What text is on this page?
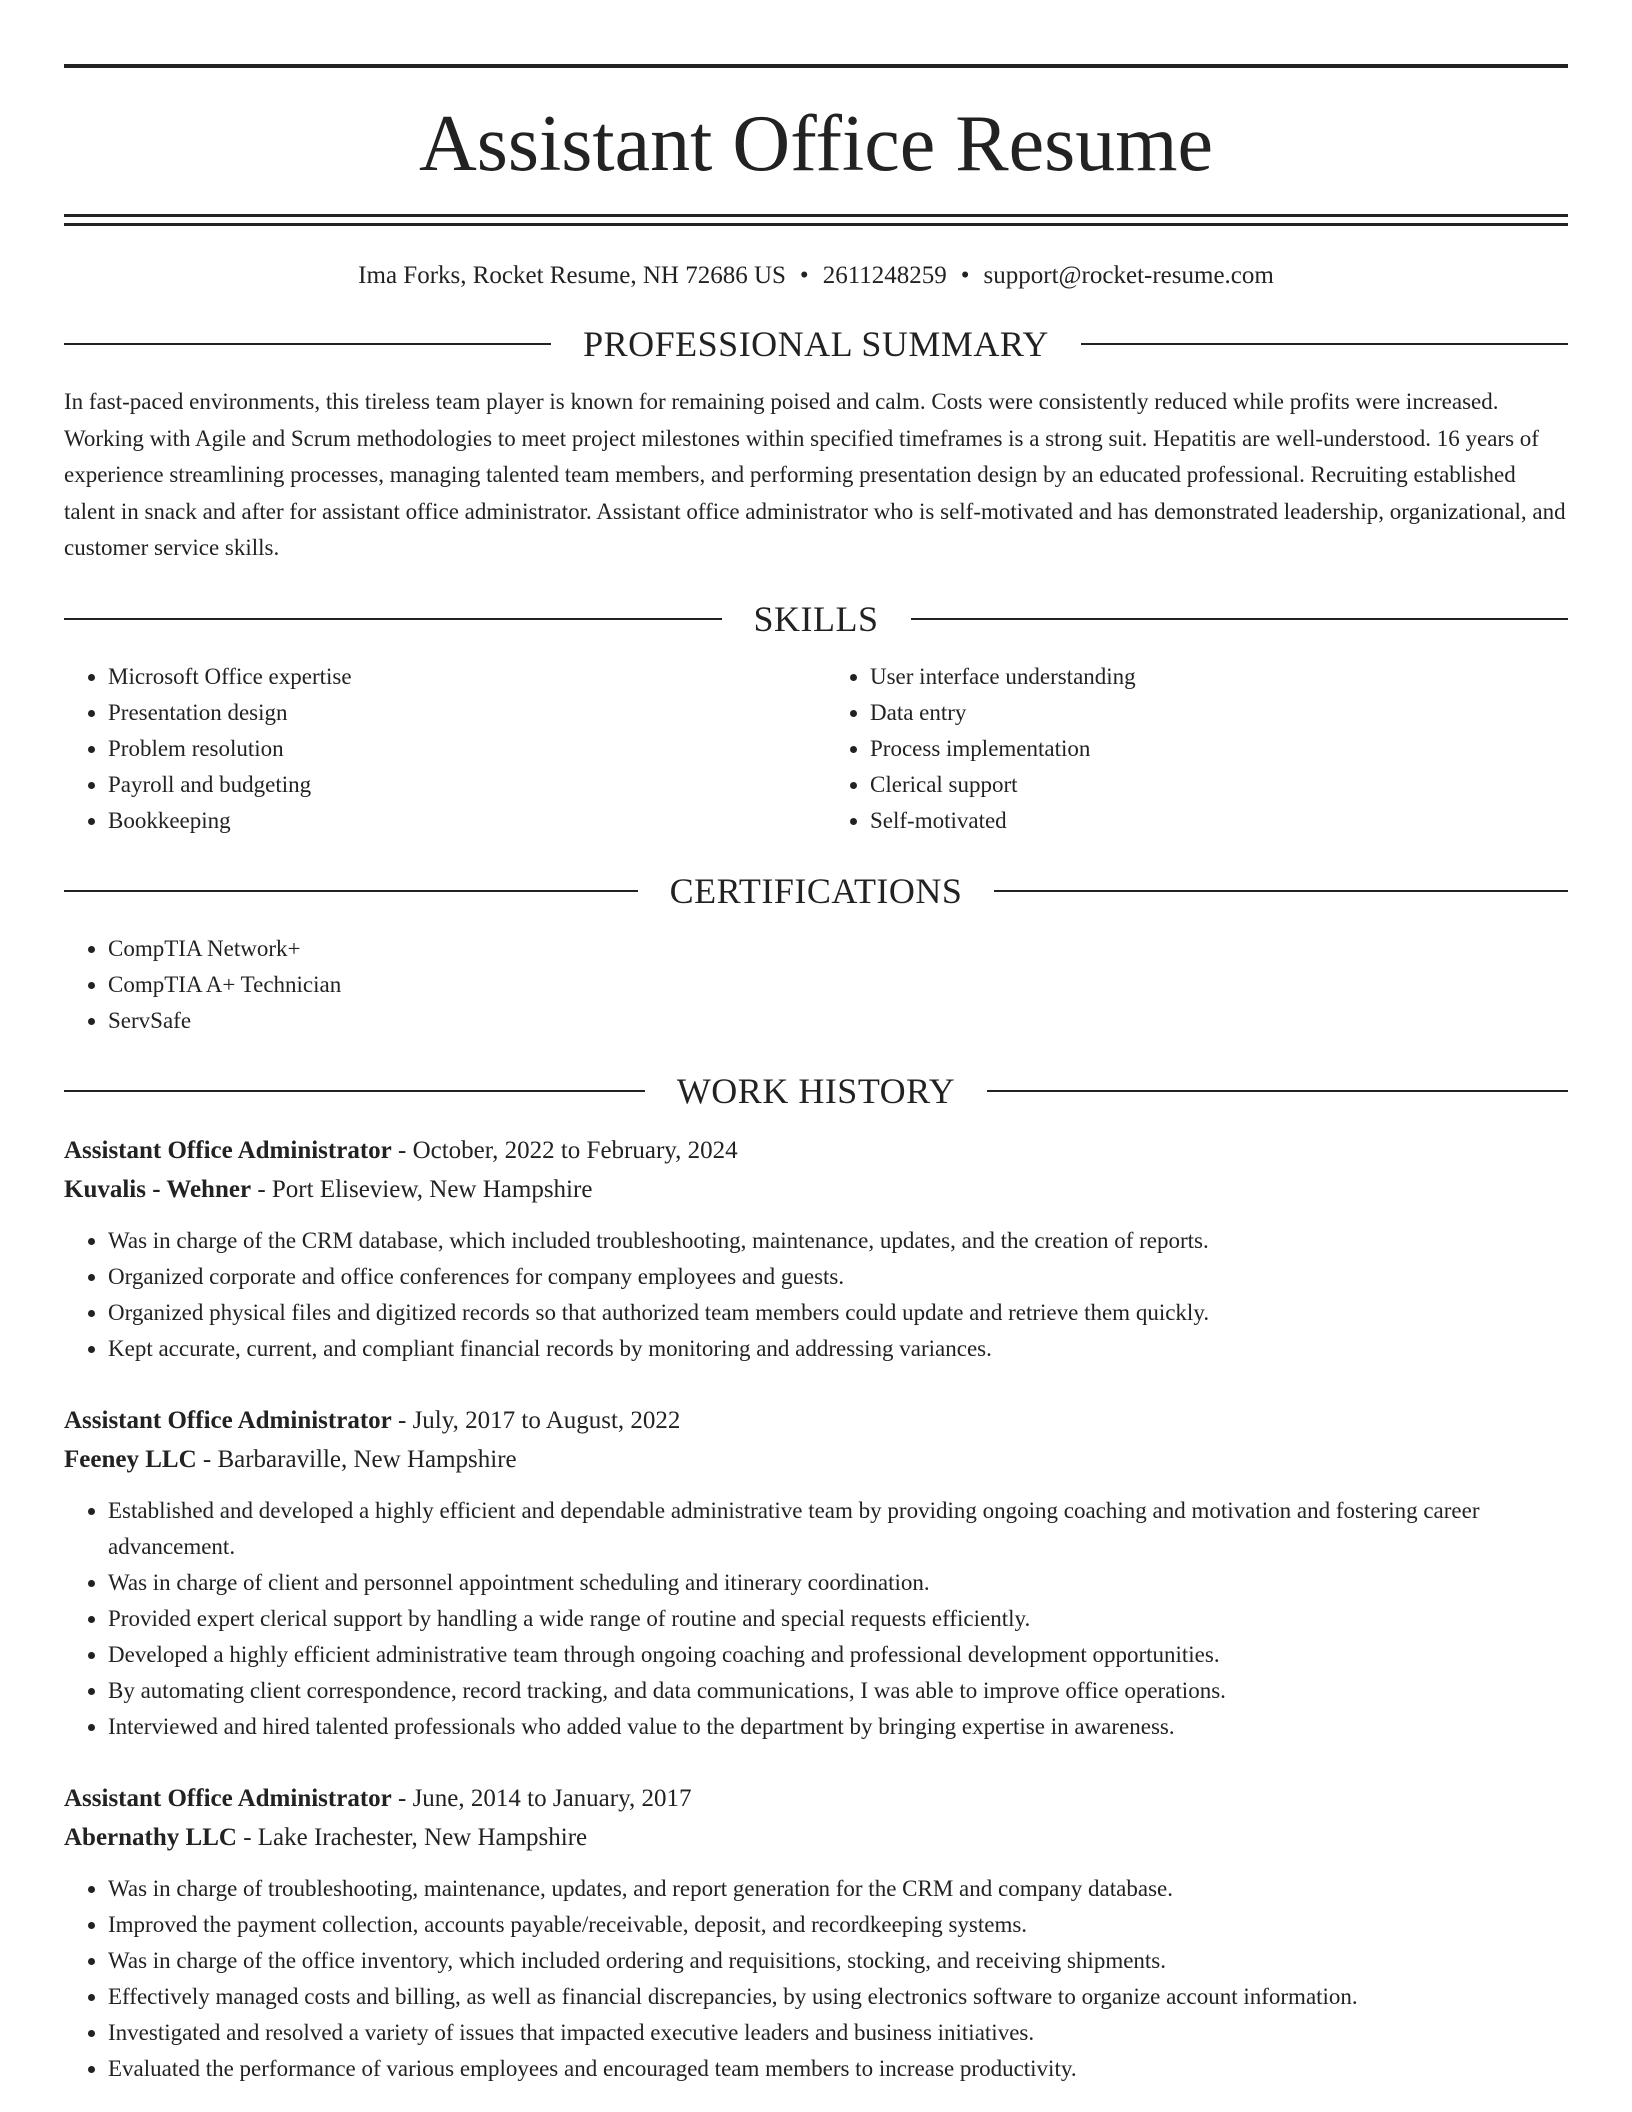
Assistant Office Resume
Ima Forks, Rocket Resume, NH 72686 US • 2611248259 • support@rocket-resume.com
PROFESSIONAL SUMMARY

In fast-paced environments, this tireless team player is known for remaining poised and calm. Costs were consistently reduced while profits were increased. Working with Agile and Scrum methodologies to meet project milestones within specified timeframes is a strong suit. Hepatitis are well-understood. 16 years of experience streamlining processes, managing talented team members, and performing presentation design by an educated professional. Recruiting established talent in snack and after for assistant office administrator. Assistant office administrator who is self-motivated and has demonstrated leadership, organizational, and customer service skills.

SKILLS
• Microsoft Office expertise
• Presentation design
• Problem resolution
• Payroll and budgeting
• Bookkeeping
• User interface understanding
• Data entry
• Process implementation
• Clerical support
• Self-motivated
CERTIFICATIONS
• CompTIA Network+
• CompTIA A+ Technician
• ServSafe
WORK HISTORY
Assistant Office Administrator - October, 2022 to February, 2024
Kuvalis - Wehner - Port Eliseview, New Hampshire
• Was in charge of the CRM database, which included troubleshooting, maintenance, updates, and the creation of reports.
• Organized corporate and office conferences for company employees and guests.
• Organized physical files and digitized records so that authorized team members could update and retrieve them quickly.
• Kept accurate, current, and compliant financial records by monitoring and addressing variances.
Assistant Office Administrator - July, 2017 to August, 2022
Feeney LLC - Barbaraville, New Hampshire
• Established and developed a highly efficient and dependable administrative team by providing ongoing coaching and motivation and fostering career advancement.
• Was in charge of client and personnel appointment scheduling and itinerary coordination.
• Provided expert clerical support by handling a wide range of routine and special requests efficiently.
• Developed a highly efficient administrative team through ongoing coaching and professional development opportunities.
• By automating client correspondence, record tracking, and data communications, I was able to improve office operations.
• Interviewed and hired talented professionals who added value to the department by bringing expertise in awareness.
Assistant Office Administrator - June, 2014 to January, 2017
Abernathy LLC - Lake Irachester, New Hampshire
• Was in charge of troubleshooting, maintenance, updates, and report generation for the CRM and company database.
• Improved the payment collection, accounts payable/receivable, deposit, and recordkeeping systems.
• Was in charge of the office inventory, which included ordering and requisitions, stocking, and receiving shipments.
• Effectively managed costs and billing, as well as financial discrepancies, by using electronics software to organize account information.
• Investigated and resolved a variety of issues that impacted executive leaders and business initiatives.
• Evaluated the performance of various employees and encouraged team members to increase productivity.
